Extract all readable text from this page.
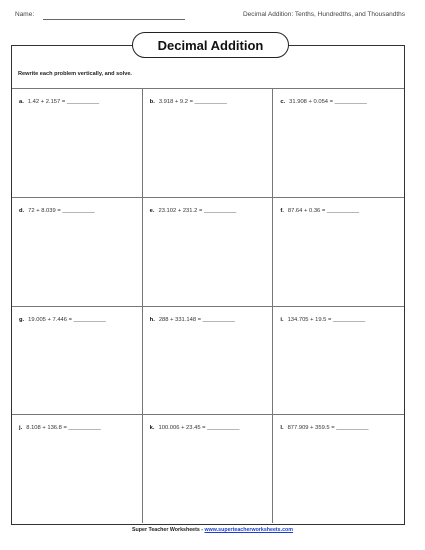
Name:	Decimal Addition: Tenths, Hundredths, and Thousandths
Decimal Addition
Rewrite each problem vertically, and solve.
a. 1.42 + 2.157 = __________	b. 3.918 + 9.2 = __________	c. 31.908 + 0.054 = __________
d. 72 + 8.039 = __________	e. 23.102 + 231.2 = __________	f. 87.64 + 0.36 = __________
g. 19.005 + 7.446 = __________	h. 288 + 331.148 = __________	i. 134.705 + 19.5 = __________
j. 8.108 + 136.8 = __________	k. 100.006 + 23.45 = __________	l. 877.909 + 359.5 = __________
Super Teacher Worksheets - www.superteacherworksheets.com
